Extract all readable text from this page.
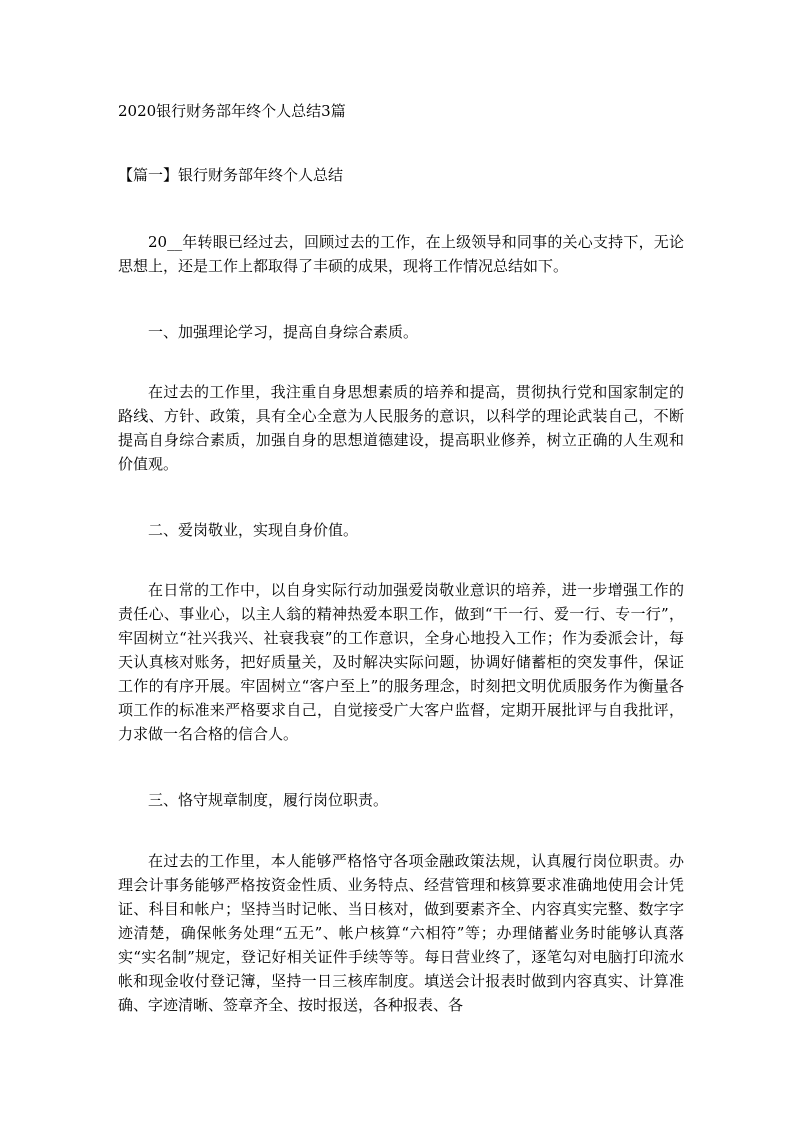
2020银行财务部年终个人总结3篇
【篇一】银行财务部年终个人总结
20__年转眼已经过去，回顾过去的工作，在上级领导和同事的关心支持下，无论思想上，还是工作上都取得了丰硕的成果，现将工作情况总结如下。
一、加强理论学习，提高自身综合素质。
在过去的工作里，我注重自身思想素质的培养和提高，贯彻执行党和国家制定的路线、方针、政策，具有全心全意为人民服务的意识，以科学的理论武装自己，不断提高自身综合素质，加强自身的思想道德建设，提高职业修养，树立正确的人生观和价值观。
二、爱岗敬业，实现自身价值。
在日常的工作中，以自身实际行动加强爱岗敬业意识的培养，进一步增强工作的责任心、事业心，以主人翁的精神热爱本职工作，做到“干一行、爱一行、专一行”，牢固树立“社兴我兴、社衰我衰”的工作意识，全身心地投入工作；作为委派会计，每天认真核对账务，把好质量关，及时解决实际问题，协调好储蓄柜的突发事件，保证工作的有序开展。牢固树立“客户至上”的服务理念，时刻把文明优质服务作为衡量各项工作的标准来严格要求自己，自觉接受广大客户监督，定期开展批评与自我批评，力求做一名合格的信合人。
三、恪守规章制度，履行岗位职责。
在过去的工作里，本人能够严格恪守各项金融政策法规，认真履行岗位职责。办理会计事务能够严格按资金性质、业务特点、经营管理和核算要求准确地使用会计凭证、科目和帐户；坚持当时记帐、当日核对，做到要素齐全、内容真实完整、数字字迹清楚，确保帐务处理“五无”、帐户核算“六相符”等；办理储蓄业务时能够认真落实“实名制”规定，登记好相关证件手续等等。每日营业终了，逐笔勾对电脑打印流水帐和现金收付登记簿，坚持一日三核库制度。填送会计报表时做到内容真实、计算准确、字迹清晰、签章齐全、按时报送，各种报表、各
